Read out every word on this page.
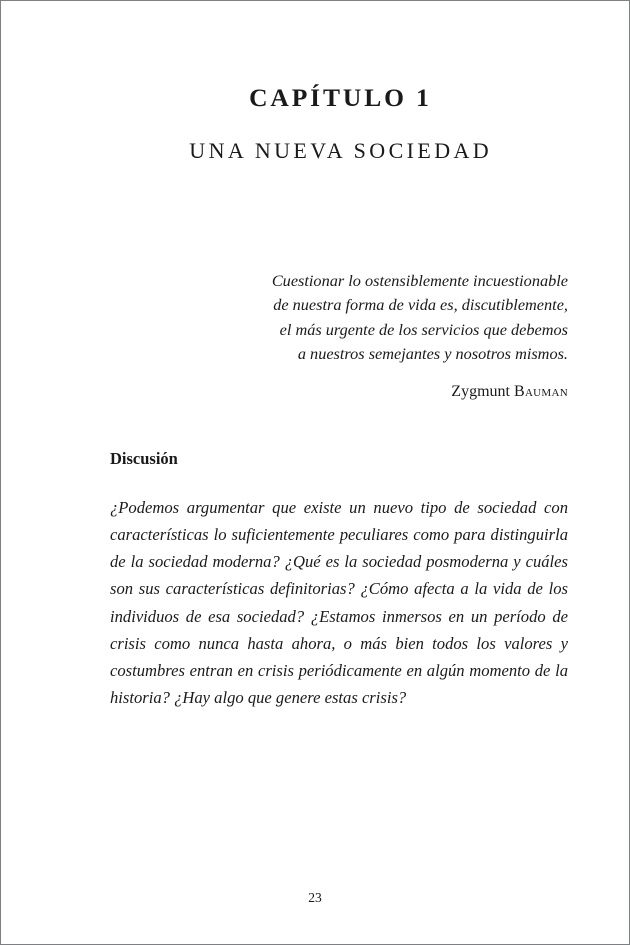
CAPÍTULO 1
UNA NUEVA SOCIEDAD
Cuestionar lo ostensiblemente incuestionable
de nuestra forma de vida es, discutiblemente,
el más urgente de los servicios que debemos
a nuestros semejantes y nosotros mismos.
Zygmunt Bauman
Discusión

¿Podemos argumentar que existe un nuevo tipo de sociedad con características lo suficientemente peculiares como para distinguirla de la sociedad moderna? ¿Qué es la sociedad posmoderna y cuáles son sus características definitorias? ¿Cómo afecta a la vida de los individuos de esa sociedad? ¿Estamos inmersos en un período de crisis como nunca hasta ahora, o más bien todos los valores y costumbres entran en crisis periódicamente en algún momento de la historia? ¿Hay algo que genere estas crisis?

23
